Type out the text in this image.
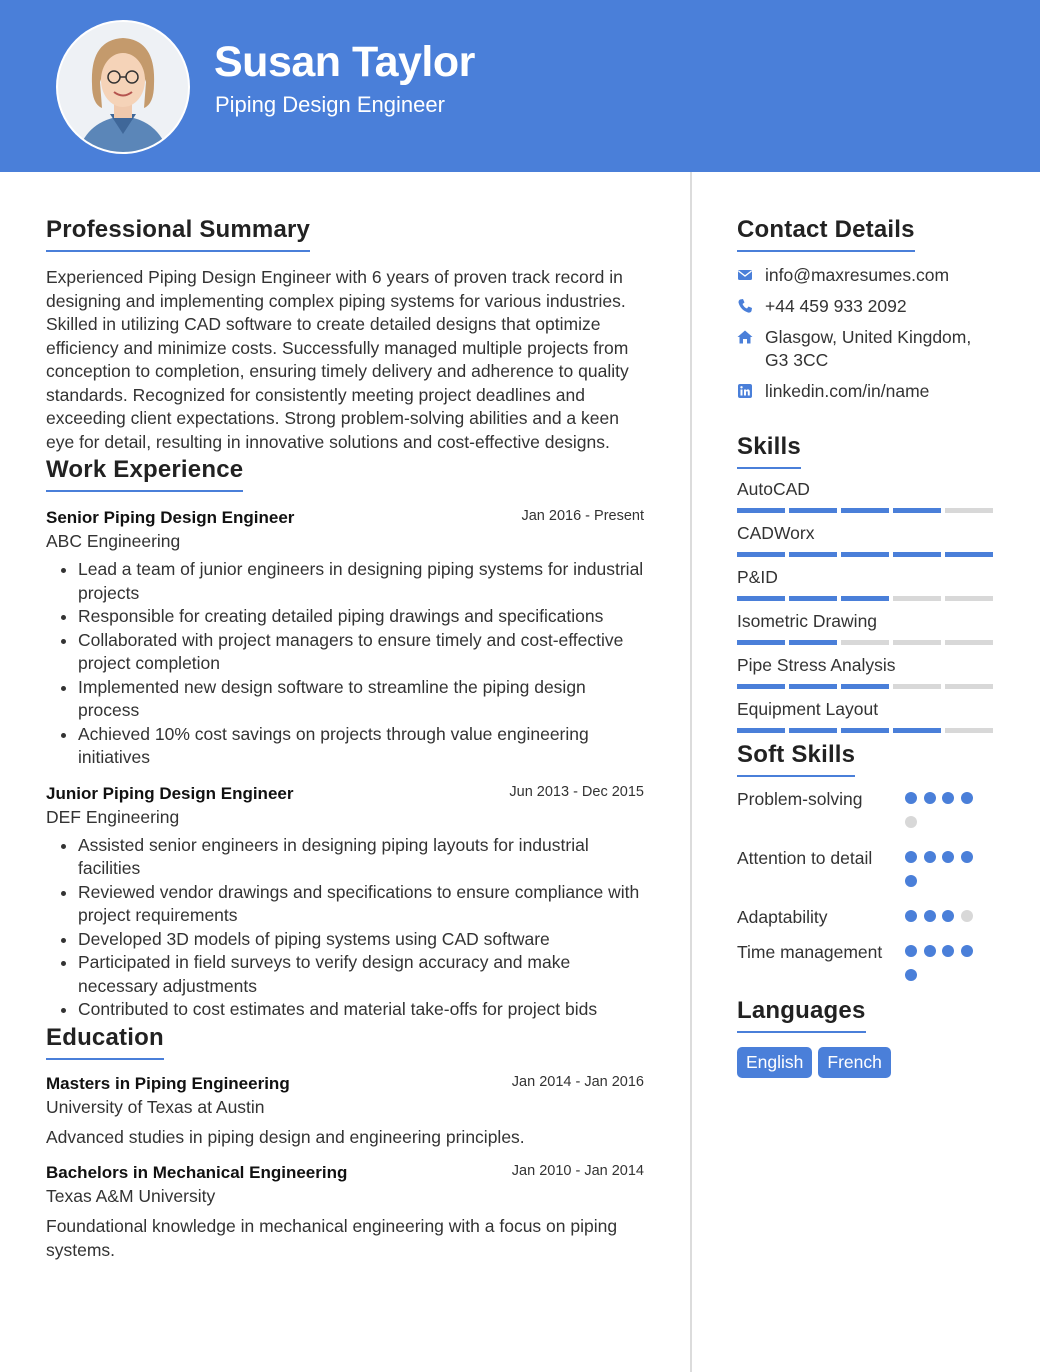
Susan Taylor
Piping Design Engineer
Professional Summary
Experienced Piping Design Engineer with 6 years of proven track record in designing and implementing complex piping systems for various industries. Skilled in utilizing CAD software to create detailed designs that optimize efficiency and minimize costs. Successfully managed multiple projects from conception to completion, ensuring timely delivery and adherence to quality standards. Recognized for consistently meeting project deadlines and exceeding client expectations. Strong problem-solving abilities and a keen eye for detail, resulting in innovative solutions and cost-effective designs.
Work Experience
Senior Piping Design Engineer	Jan 2016 - Present
ABC Engineering
• Lead a team of junior engineers in designing piping systems for industrial projects
• Responsible for creating detailed piping drawings and specifications
• Collaborated with project managers to ensure timely and cost-effective project completion
• Implemented new design software to streamline the piping design process
• Achieved 10% cost savings on projects through value engineering initiatives
Junior Piping Design Engineer	Jun 2013 - Dec 2015
DEF Engineering
• Assisted senior engineers in designing piping layouts for industrial facilities
• Reviewed vendor drawings and specifications to ensure compliance with project requirements
• Developed 3D models of piping systems using CAD software
• Participated in field surveys to verify design accuracy and make necessary adjustments
• Contributed to cost estimates and material take-offs for project bids
Education
Masters in Piping Engineering	Jan 2014 - Jan 2016
University of Texas at Austin
Advanced studies in piping design and engineering principles.
Bachelors in Mechanical Engineering	Jan 2010 - Jan 2014
Texas A&M University
Foundational knowledge in mechanical engineering with a focus on piping systems.
Contact Details
info@maxresumes.com
+44 459 933 2092
Glasgow, United Kingdom, G3 3CC
linkedin.com/in/name
Skills
AutoCAD
CADWorx
P&ID
Isometric Drawing
Pipe Stress Analysis
Equipment Layout
Soft Skills
Problem-solving
Attention to detail
Adaptability
Time management
Languages
English	French
